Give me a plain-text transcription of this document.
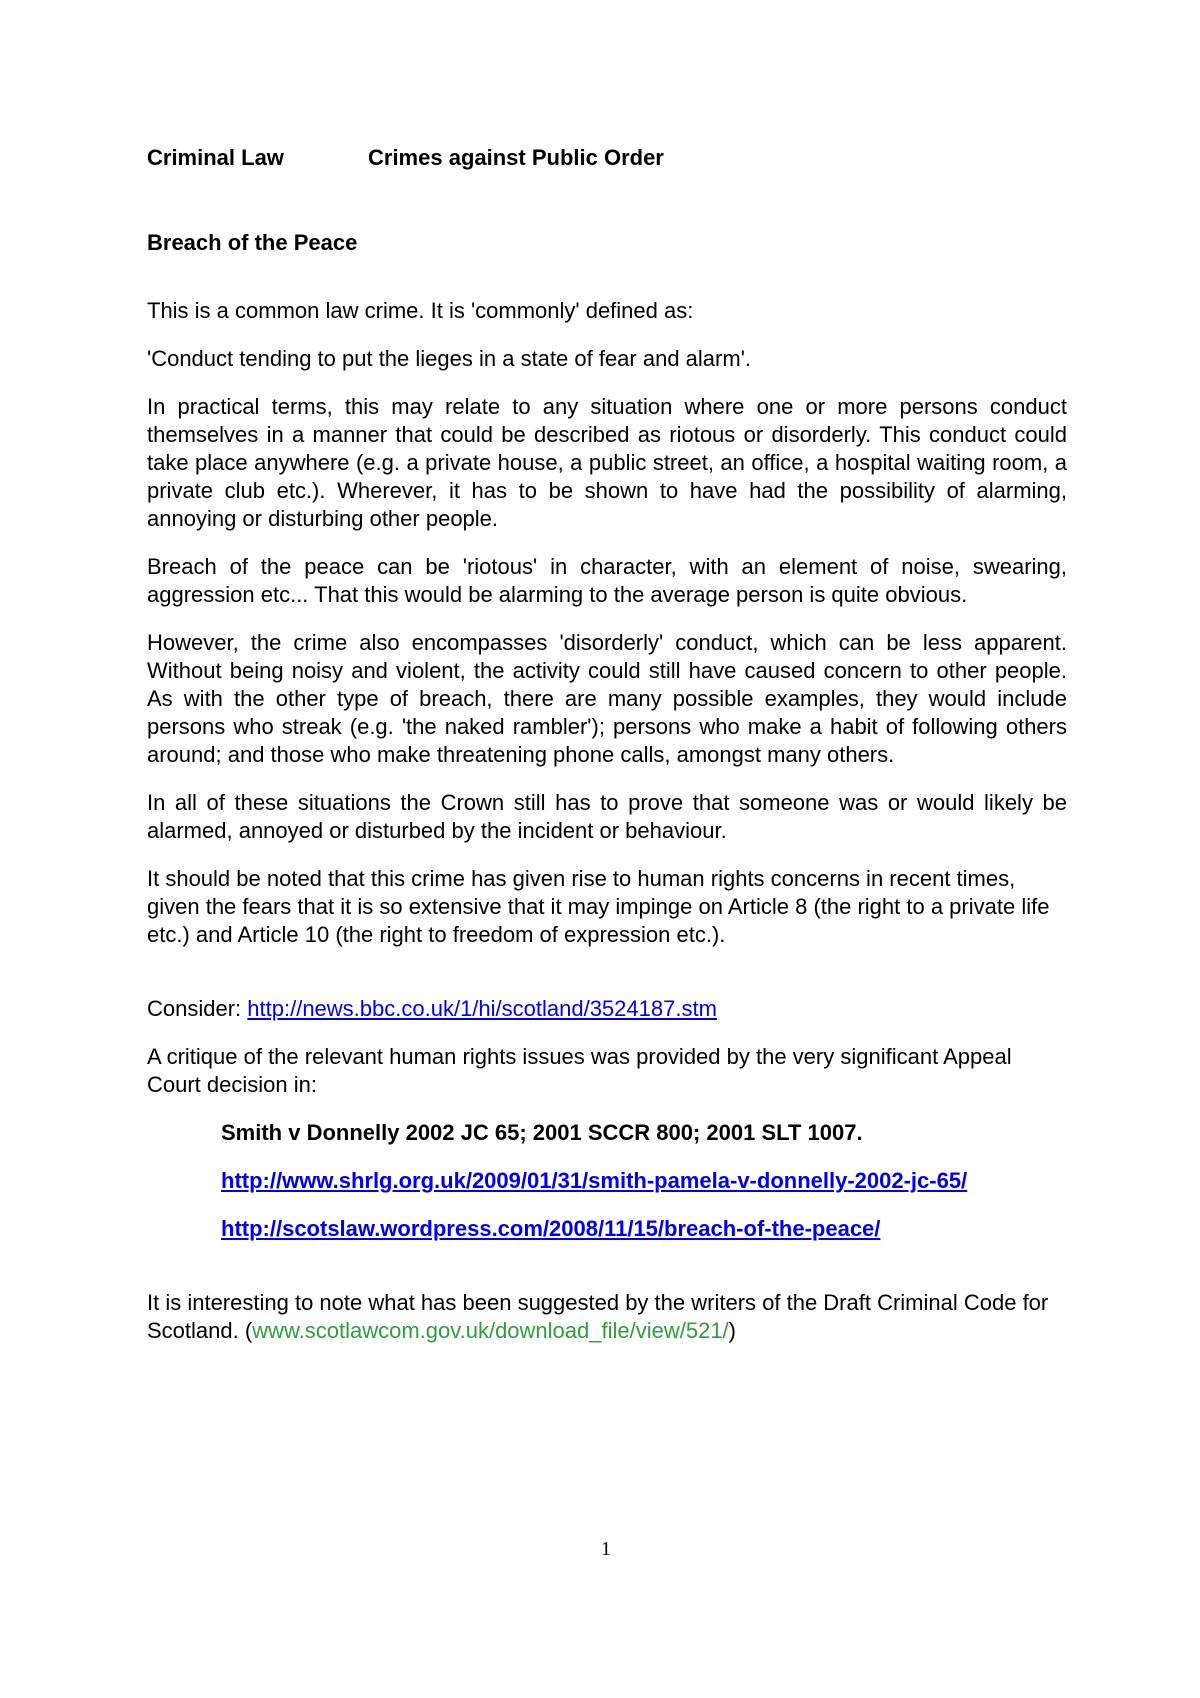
Criminal Law	Crimes against Public Order
Breach of the Peace

This is a common law crime. It is 'commonly' defined as:

'Conduct tending to put the lieges in a state of fear and alarm'.

In practical terms, this may relate to any situation where one or more persons conduct themselves in a manner that could be described as riotous or disorderly. This conduct could take place anywhere (e.g. a private house, a public street, an office, a hospital waiting room, a private club etc.). Wherever, it has to be shown to have had the possibility of alarming, annoying or disturbing other people.

Breach of the peace can be 'riotous' in character, with an element of noise, swearing, aggression etc... That this would be alarming to the average person is quite obvious.

However, the crime also encompasses 'disorderly' conduct, which can be less apparent. Without being noisy and violent, the activity could still have caused concern to other people. As with the other type of breach, there are many possible examples, they would include persons who streak (e.g. 'the naked rambler'); persons who make a habit of following others around; and those who make threatening phone calls, amongst many others.

In all of these situations the Crown still has to prove that someone was or would likely be alarmed, annoyed or disturbed by the incident or behaviour.

It should be noted that this crime has given rise to human rights concerns in recent times, given the fears that it is so extensive that it may impinge on Article 8 (the right to a private life etc.) and Article 10 (the right to freedom of expression etc.).

Consider: http://news.bbc.co.uk/1/hi/scotland/3524187.stm

A critique of the relevant human rights issues was provided by the very significant Appeal Court decision in:

Smith v Donnelly 2002 JC 65; 2001 SCCR 800; 2001 SLT 1007.

http://www.shrlg.org.uk/2009/01/31/smith-pamela-v-donnelly-2002-jc-65/

http://scotslaw.wordpress.com/2008/11/15/breach-of-the-peace/

It is interesting to note what has been suggested by the writers of the Draft Criminal Code for Scotland. (www.scotlawcom.gov.uk/download_file/view/521/)

1
